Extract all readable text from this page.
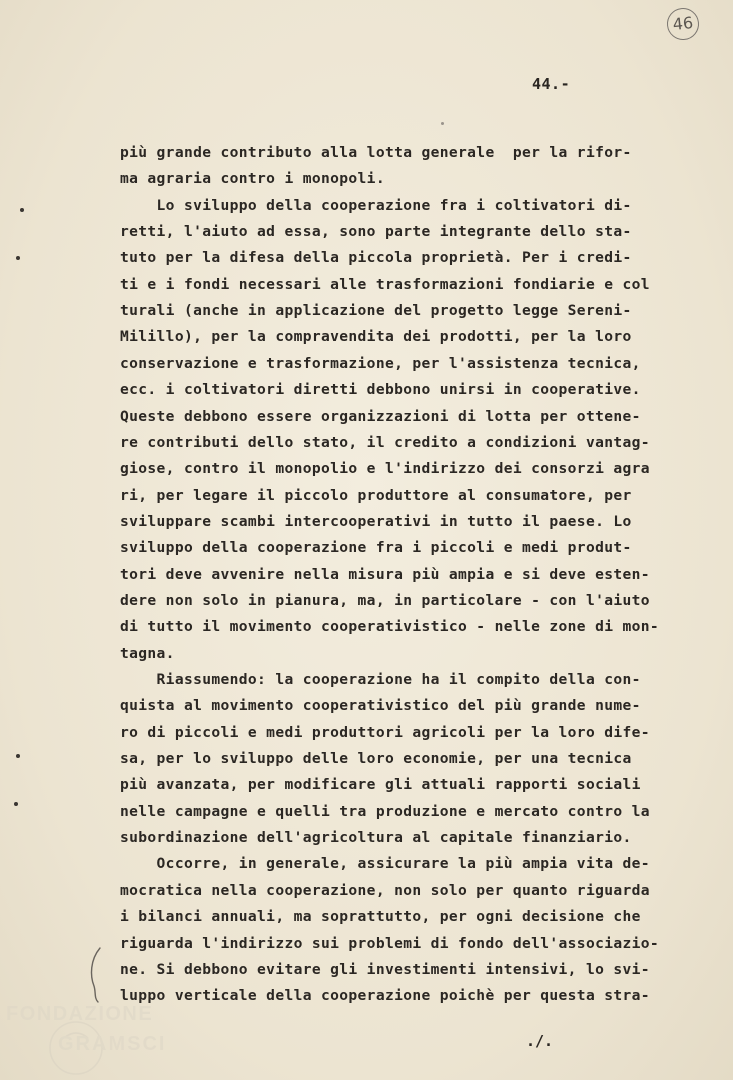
46
44.-
più grande contributo alla lotta generale  per la rifor-
ma agraria contro i monopoli.
Lo sviluppo della cooperazione fra i coltivatori di-
retti, l'aiuto ad essa, sono parte integrante dello sta-
tuto per la difesa della piccola proprietà. Per i credi-
ti e i fondi necessari alle trasformazioni fondiarie e col
turali (anche in applicazione del progetto legge Sereni-
Milillo), per la compravendita dei prodotti, per la loro
conservazione e trasformazione, per l'assistenza tecnica,
ecc. i coltivatori diretti debbono unirsi in cooperative.
Queste debbono essere organizzazioni di lotta per ottene-
re contributi dello stato, il credito a condizioni vantag-
giose, contro il monopolio e l'indirizzo dei consorzi agra
ri, per legare il piccolo produttore al consumatore, per
sviluppare scambi intercooperativi in tutto il paese. Lo
sviluppo della cooperazione fra i piccoli e medi produt-
tori deve avvenire nella misura più ampia e si deve esten-
dere non solo in pianura, ma, in particolare - con l'aiuto
di tutto il movimento cooperativistico - nelle zone di mon-
tagna.
Riassumendo: la cooperazione ha il compito della con-
quista al movimento cooperativistico del più grande nume-
ro di piccoli e medi produttori agricoli per la loro dife-
sa, per lo sviluppo delle loro economie, per una tecnica
più avanzata, per modificare gli attuali rapporti sociali
nelle campagne e quelli tra produzione e mercato contro la
subordinazione dell'agricoltura al capitale finanziario.
Occorre, in generale, assicurare la più ampia vita de-
mocratica nella cooperazione, non solo per quanto riguarda
i bilanci annuali, ma soprattutto, per ogni decisione che
riguarda l'indirizzo sui problemi di fondo dell'associazio-
ne. Si debbono evitare gli investimenti intensivi, lo svi-
luppo verticale della cooperazione poichè per questa stra-
./.
FONDAZIONE
GRAMSCI
